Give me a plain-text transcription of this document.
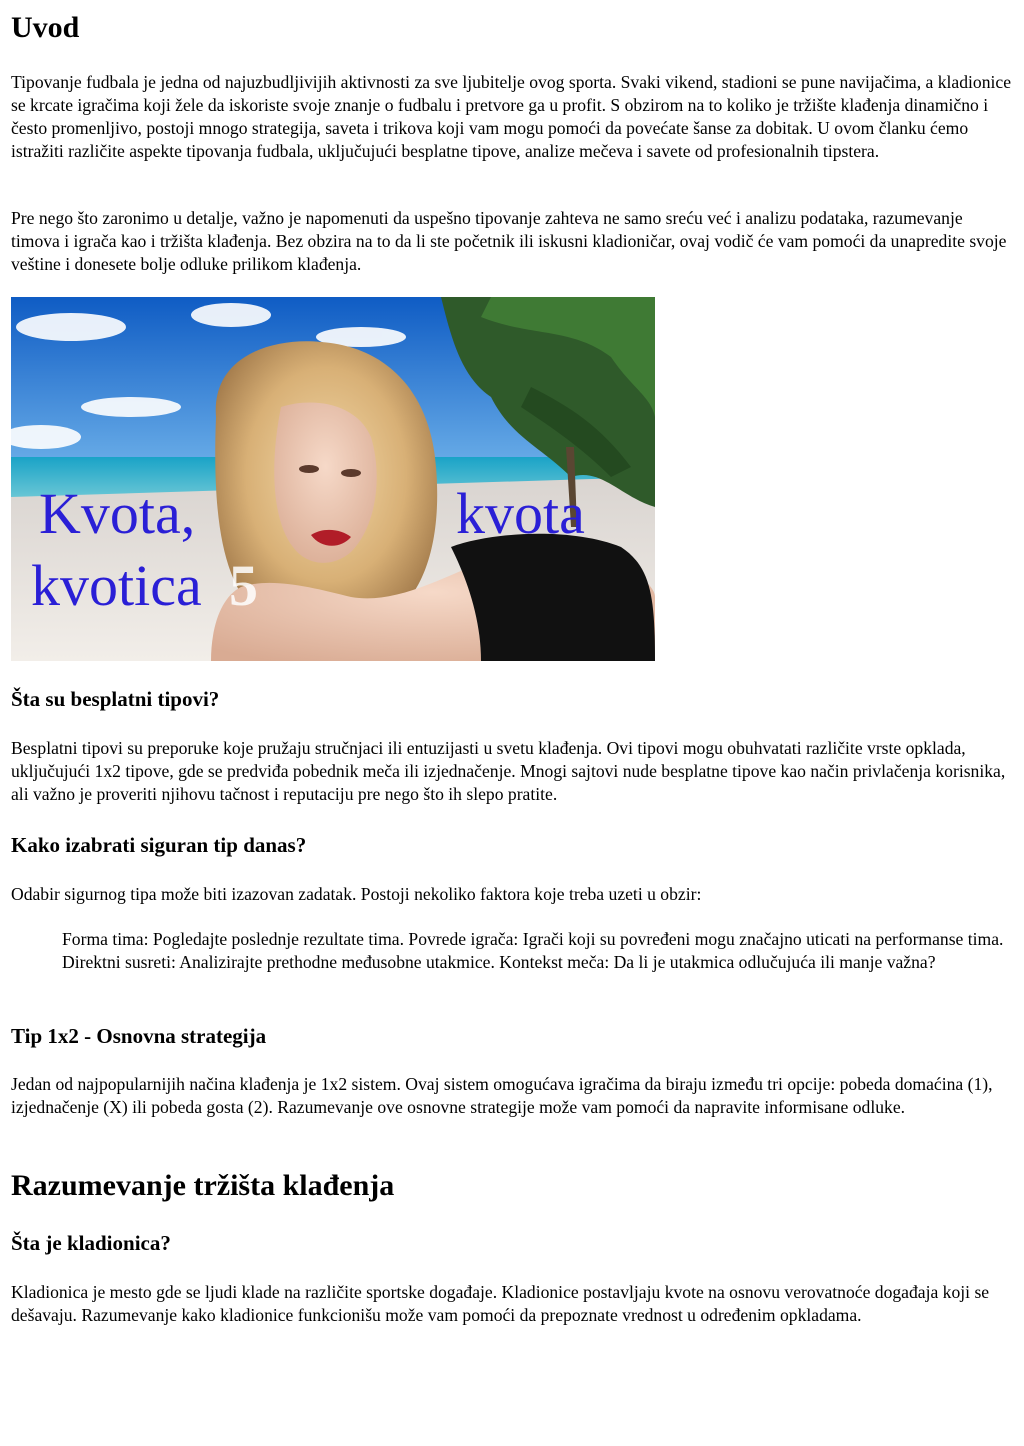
Uvod

Tipovanje fudbala je jedna od najuzbudljivijih aktivnosti za sve ljubitelje ovog sporta. Svaki vikend, stadioni se pune navijačima, a kladionice se krcate igračima koji žele da iskoriste svoje znanje o fudbalu i pretvore ga u profit. S obzirom na to koliko je tržište klađenja dinamično i često promenljivo, postoji mnogo strategija, saveta i trikova koji vam mogu pomoći da povećate šanse za dobitak. U ovom članku ćemo istražiti različite aspekte tipovanja fudbala, uključujući besplatne tipove, analize mečeva i savete od profesionalnih tipstera.

Pre nego što zaronimo u detalje, važno je napomenuti da uspešno tipovanje zahteva ne samo sreću već i analizu podataka, razumevanje timova i igrača kao i tržišta klađenja. Bez obzira na to da li ste početnik ili iskusni kladioničar, ovaj vodič će vam pomoći da unapredite svoje veštine i donesete bolje odluke prilikom klađenja.

Kvota,	kvota
kvotica 5
Šta su besplatni tipovi?

Besplatni tipovi su preporuke koje pružaju stručnjaci ili entuzijasti u svetu klađenja. Ovi tipovi mogu obuhvatati različite vrste opklada, uključujući 1x2 tipove, gde se predviđa pobednik meča ili izjednačenje. Mnogi sajtovi nude besplatne tipove kao način privlačenja korisnika, ali važno je proveriti njihovu tačnost i reputaciju pre nego što ih slepo pratite.

Kako izabrati siguran tip danas?

Odabir sigurnog tipa može biti izazovan zadatak. Postoji nekoliko faktora koje treba uzeti u obzir:

Forma tima: Pogledajte poslednje rezultate tima. Povrede igrača: Igrači koji su povređeni mogu značajno uticati na performanse tima. Direktni susreti: Analizirajte prethodne međusobne utakmice. Kontekst meča: Da li je utakmica odlučujuća ili manje važna?

Tip 1x2 - Osnovna strategija

Jedan od najpopularnijih načina klađenja je 1x2 sistem. Ovaj sistem omogućava igračima da biraju između tri opcije: pobeda domaćina (1), izjednačenje (X) ili pobeda gosta (2). Razumevanje ove osnovne strategije može vam pomoći da napravite informisane odluke.

Razumevanje tržišta klađenja
Šta je kladionica?

Kladionica je mesto gde se ljudi klade na različite sportske događaje. Kladionice postavljaju kvote na osnovu verovatnoće događaja koji se dešavaju. Razumevanje kako kladionice funkcionišu može vam pomoći da prepoznate vrednost u određenim opkladama.
